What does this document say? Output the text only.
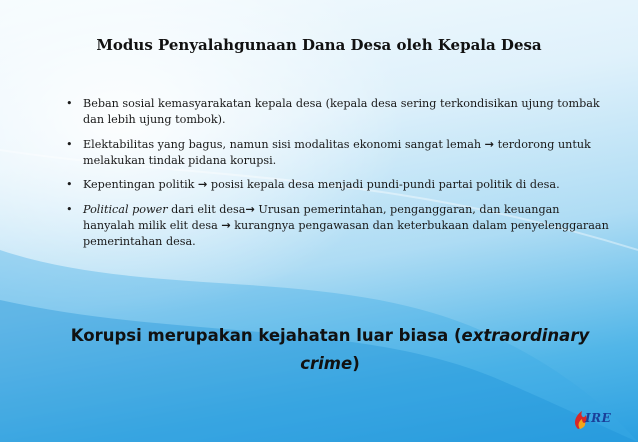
Modus Penyalahgunaan Dana Desa oleh Kepala Desa
• Beban sosial kemasyarakatan kepala desa (kepala desa sering terkondisikan ujung tombak dan lebih ujung tombok).
• Elektabilitas yang bagus, namun sisi modalitas ekonomi sangat lemah → terdorong untuk melakukan tindak pidana korupsi.
• Kepentingan politik → posisi kepala desa menjadi pundi-pundi partai politik di desa.
• Political power dari elit desa→ Urusan pemerintahan, penganggaran, dan keuangan hanyalah milik elit desa → kurangnya pengawasan dan keterbukaan dalam penyelenggaraan pemerintahan desa.
Korupsi merupakan kejahatan luar biasa (extraordinary crime)
IRE
